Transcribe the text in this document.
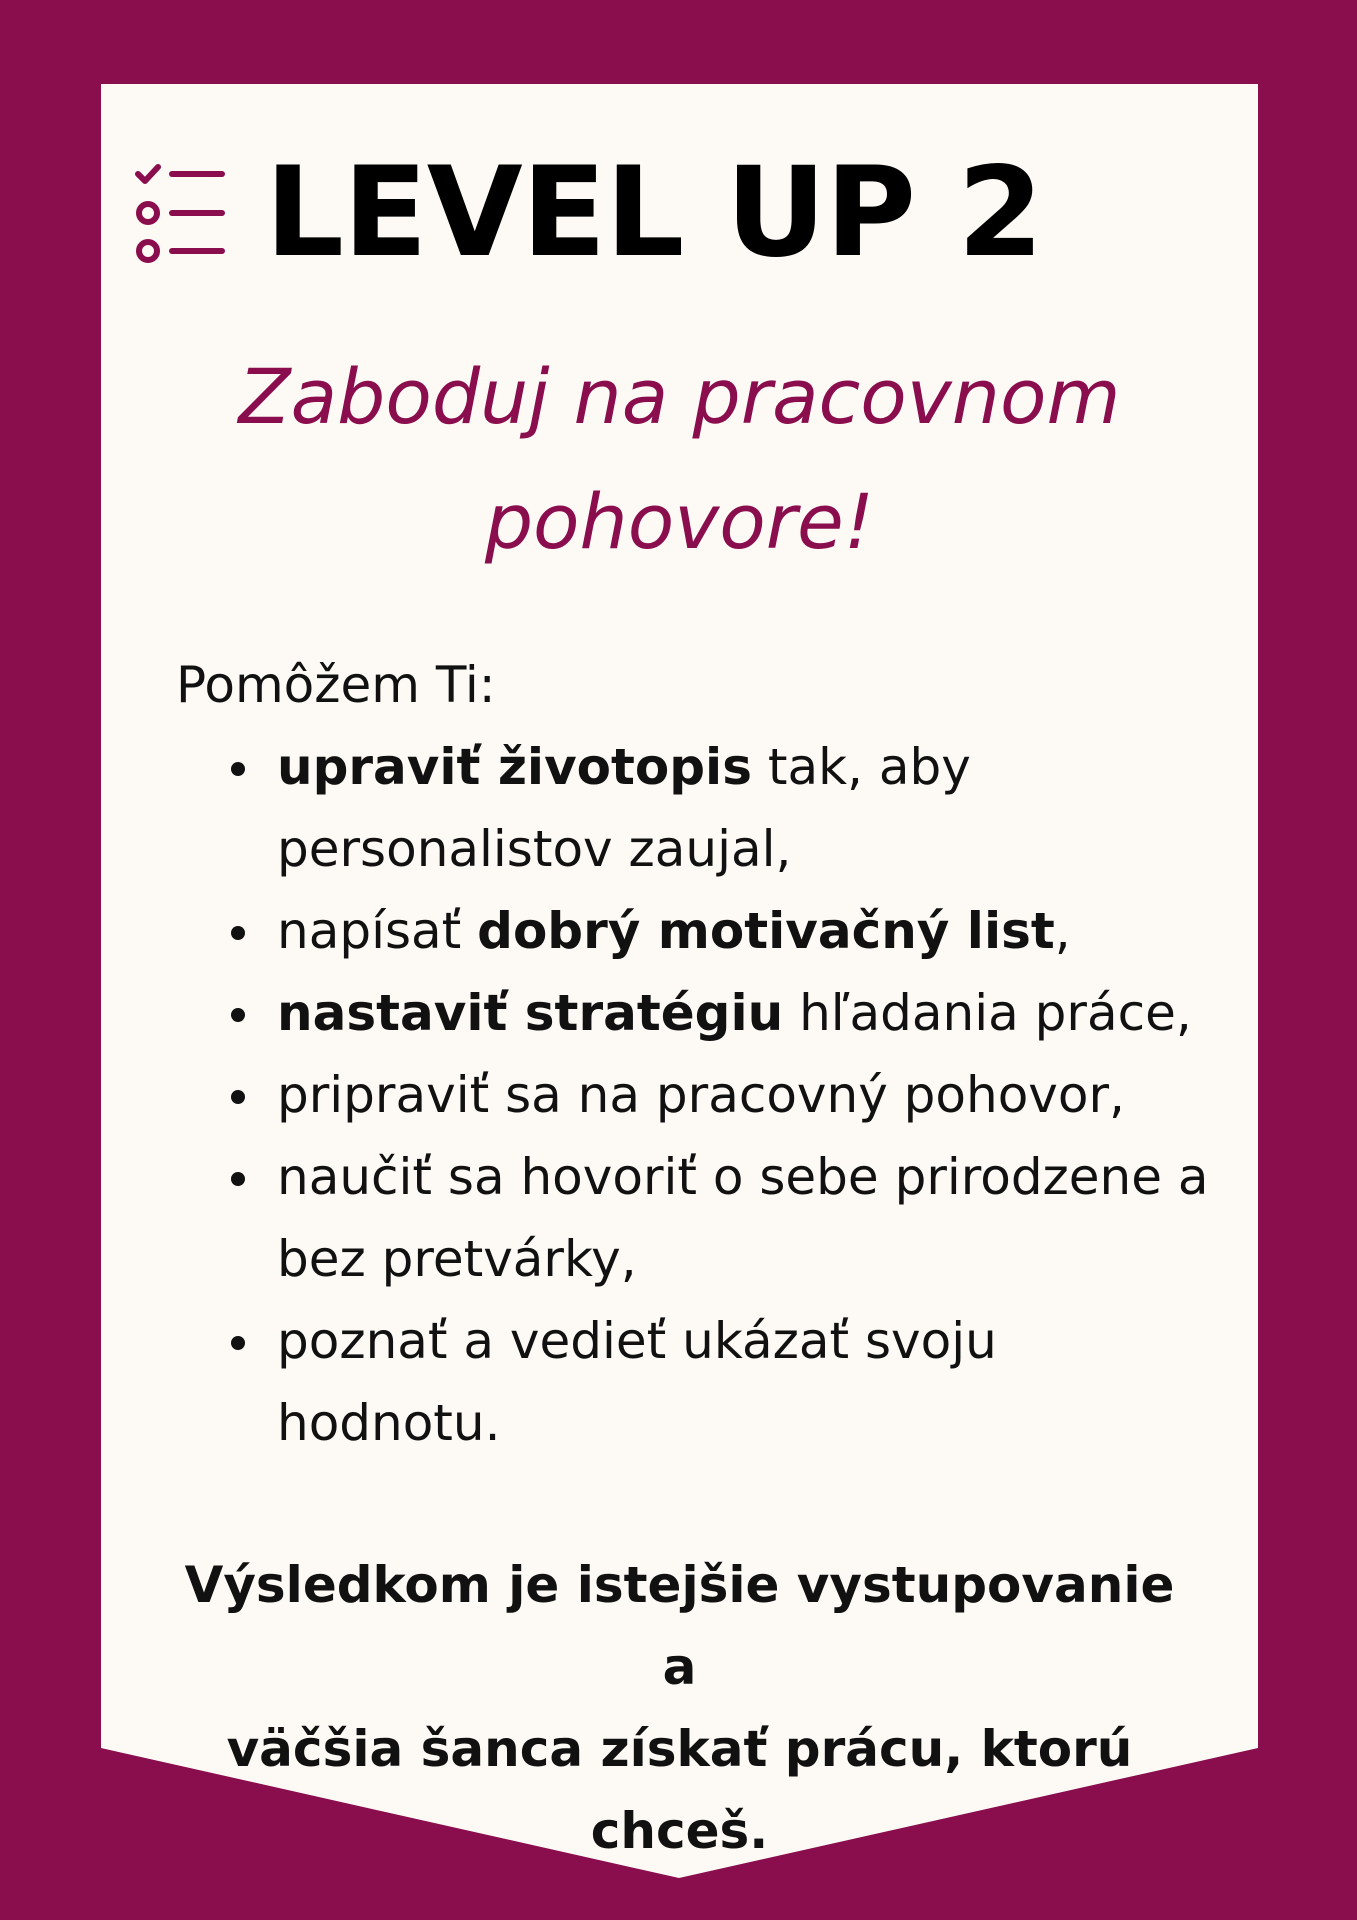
LEVEL UP 2
Zaboduj na pracovnom
pohovore!
Pomôžem Ti:
upraviť životopis tak, aby personalistov zaujal,
napísať dobrý motivačný list,
nastaviť stratégiu hľadania práce,
pripraviť sa na pracovný pohovor,
naučiť sa hovoriť o sebe prirodzene a bez pretvárky,
poznať a vedieť ukázať svoju hodnotu.
Výsledkom je istejšie vystupovanie a
väčšia šanca získať prácu, ktorú
chceš.
